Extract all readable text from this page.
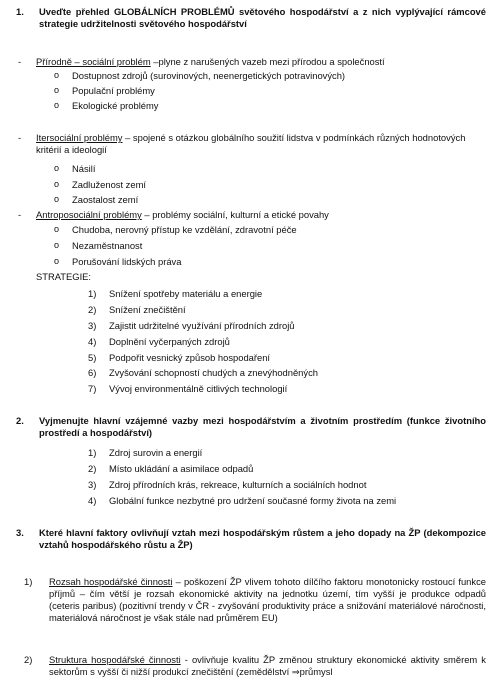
1. Uveďte přehled GLOBÁLNÍCH PROBLÉMŮ světového hospodářství a z nich vyplývající rámcové strategie udržitelnosti světového hospodářství
- Přírodně – sociální problém –plyne z narušených vazeb mezi přírodou a společností
o Dostupnost zdrojů (surovinových, neenergetických potravinových)
o Populační problémy
o Ekologické problémy
- Itersociální problémy – spojené s otázkou globálního soužití lidstva v podmínkách různých hodnotových kritérií a ideologií
o Násilí
o Zadluženost zemí
o Zaostalost zemí
- Antroposociální problémy – problémy sociální, kulturní a etické povahy
o Chudoba, nerovný přístup ke vzdělání, zdravotní péče
o Nezaměstnanost
o Porušování lidských práva
STRATEGIE:
1) Snížení spotřeby materiálu a energie
2) Snížení znečištění
3) Zajistit udržitelné využívání přírodních zdrojů
4) Doplnění vyčerpaných zdrojů
5) Podpořit vesnický způsob hospodaření
6) Zvyšování schopností chudých a znevýhodněných
7) Vývoj environmentálně citlivých technologií
2. Vyjmenujte hlavní vzájemné vazby mezi hospodářstvím a životním prostředím (funkce životního prostředí a hospodářství)
1) Zdroj surovin a energií
2) Místo ukládání a asimilace odpadů
3) Zdroj přírodních krás, rekreace, kulturních a sociálních hodnot
4) Globální funkce nezbytné pro udržení současné formy života na zemi
3. Které hlavní faktory ovlivňují vztah mezi hospodářským růstem a jeho dopady na ŽP (dekompozice vztahů hospodářského růstu a ŽP)
1) Rozsah hospodářské činnosti – poškození ŽP vlivem tohoto dílčího faktoru monotonicky rostoucí funkce příjmů – čím větší je rozsah ekonomické aktivity na jednotku území, tím vyšší je produkce odpadů (ceteris paribus) (pozitivní trendy v ČR - zvyšování produktivity práce a snižování materiálové náročnosti, materiálová náročnost je však stále nad průměrem EU)
2) Struktura hospodářské činnosti - ovlivňuje kvalitu ŽP změnou struktury ekonomické aktivity směrem k sektorům s vyšší či nižší produkcí znečištění (zemědělství ⇒průmysl
